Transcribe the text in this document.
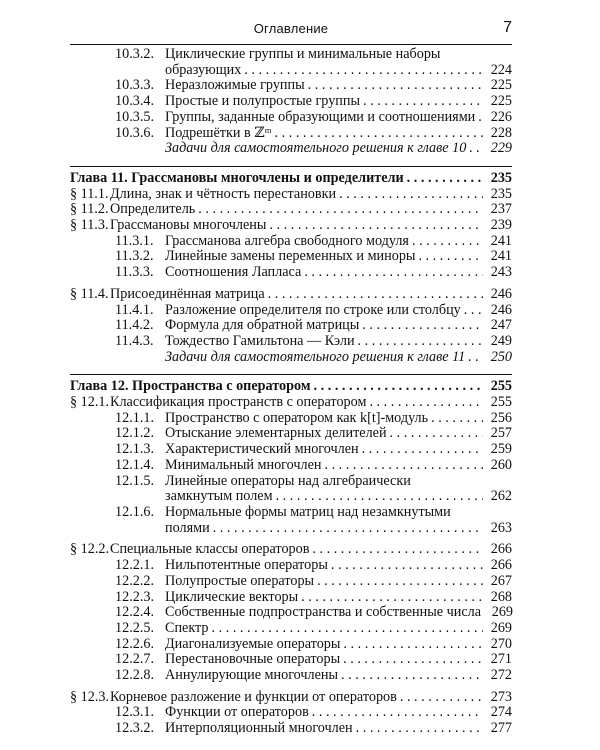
Оглавление	7
10.3.2. Циклические группы и минимальные наборы
образующих . . .	224
10.3.3. Неразложимые группы . . .	225
10.3.4. Простые и полупростые группы . . .	225
10.3.5. Группы, заданные образующими и соотношениями . . .	226
10.3.6. Подрешётки в ℤᵐ . . .	228
Задачи для самостоятельного решения к главе 10 . . .	229
Глава 11. Грассмановы многочлены и определители . . .	235
§ 11.1. Длина, знак и чётность перестановки . . .	235
§ 11.2. Определитель . . .	237
§ 11.3. Грассмановы многочлены . . .	239
11.3.1. Грассманова алгебра свободного модуля . . .	241
11.3.2. Линейные замены переменных и миноры . . .	241
11.3.3. Соотношения Лапласа . . .	243
§ 11.4. Присоединённая матрица . . .	246
11.4.1. Разложение определителя по строке или столбцу . . .	246
11.4.2. Формула для обратной матрицы . . .	247
11.4.3. Тождество Гамильтона — Кэли . . .	249
Задачи для самостоятельного решения к главе 11 . . .	250
Глава 12. Пространства с оператором . . .	255
§ 12.1. Классификация пространств с оператором . . .	255
12.1.1. Пространство с оператором как k[t]-модуль . . .	256
12.1.2. Отыскание элементарных делителей . . .	257
12.1.3. Характеристический многочлен . . .	259
12.1.4. Минимальный многочлен . . .	260
12.1.5. Линейные операторы над алгебраически
замкнутым полем . . .	262
12.1.6. Нормальные формы матриц над незамкнутыми
полями . . .	263
§ 12.2. Специальные классы операторов . . .	266
12.2.1. Нильпотентные операторы . . .	266
12.2.2. Полупростые операторы . . .	267
12.2.3. Циклические векторы . . .	268
12.2.4. Собственные подпространства и собственные числа 269
12.2.5. Спектр . . .	269
12.2.6. Диагонализуемые операторы . . .	270
12.2.7. Перестановочные операторы . . .	271
12.2.8. Аннулирующие многочлены . . .	272
§ 12.3. Корневое разложение и функции от операторов . . .	273
12.3.1. Функции от операторов . . .	274
12.3.2. Интерполяционный многочлен . . .	277
